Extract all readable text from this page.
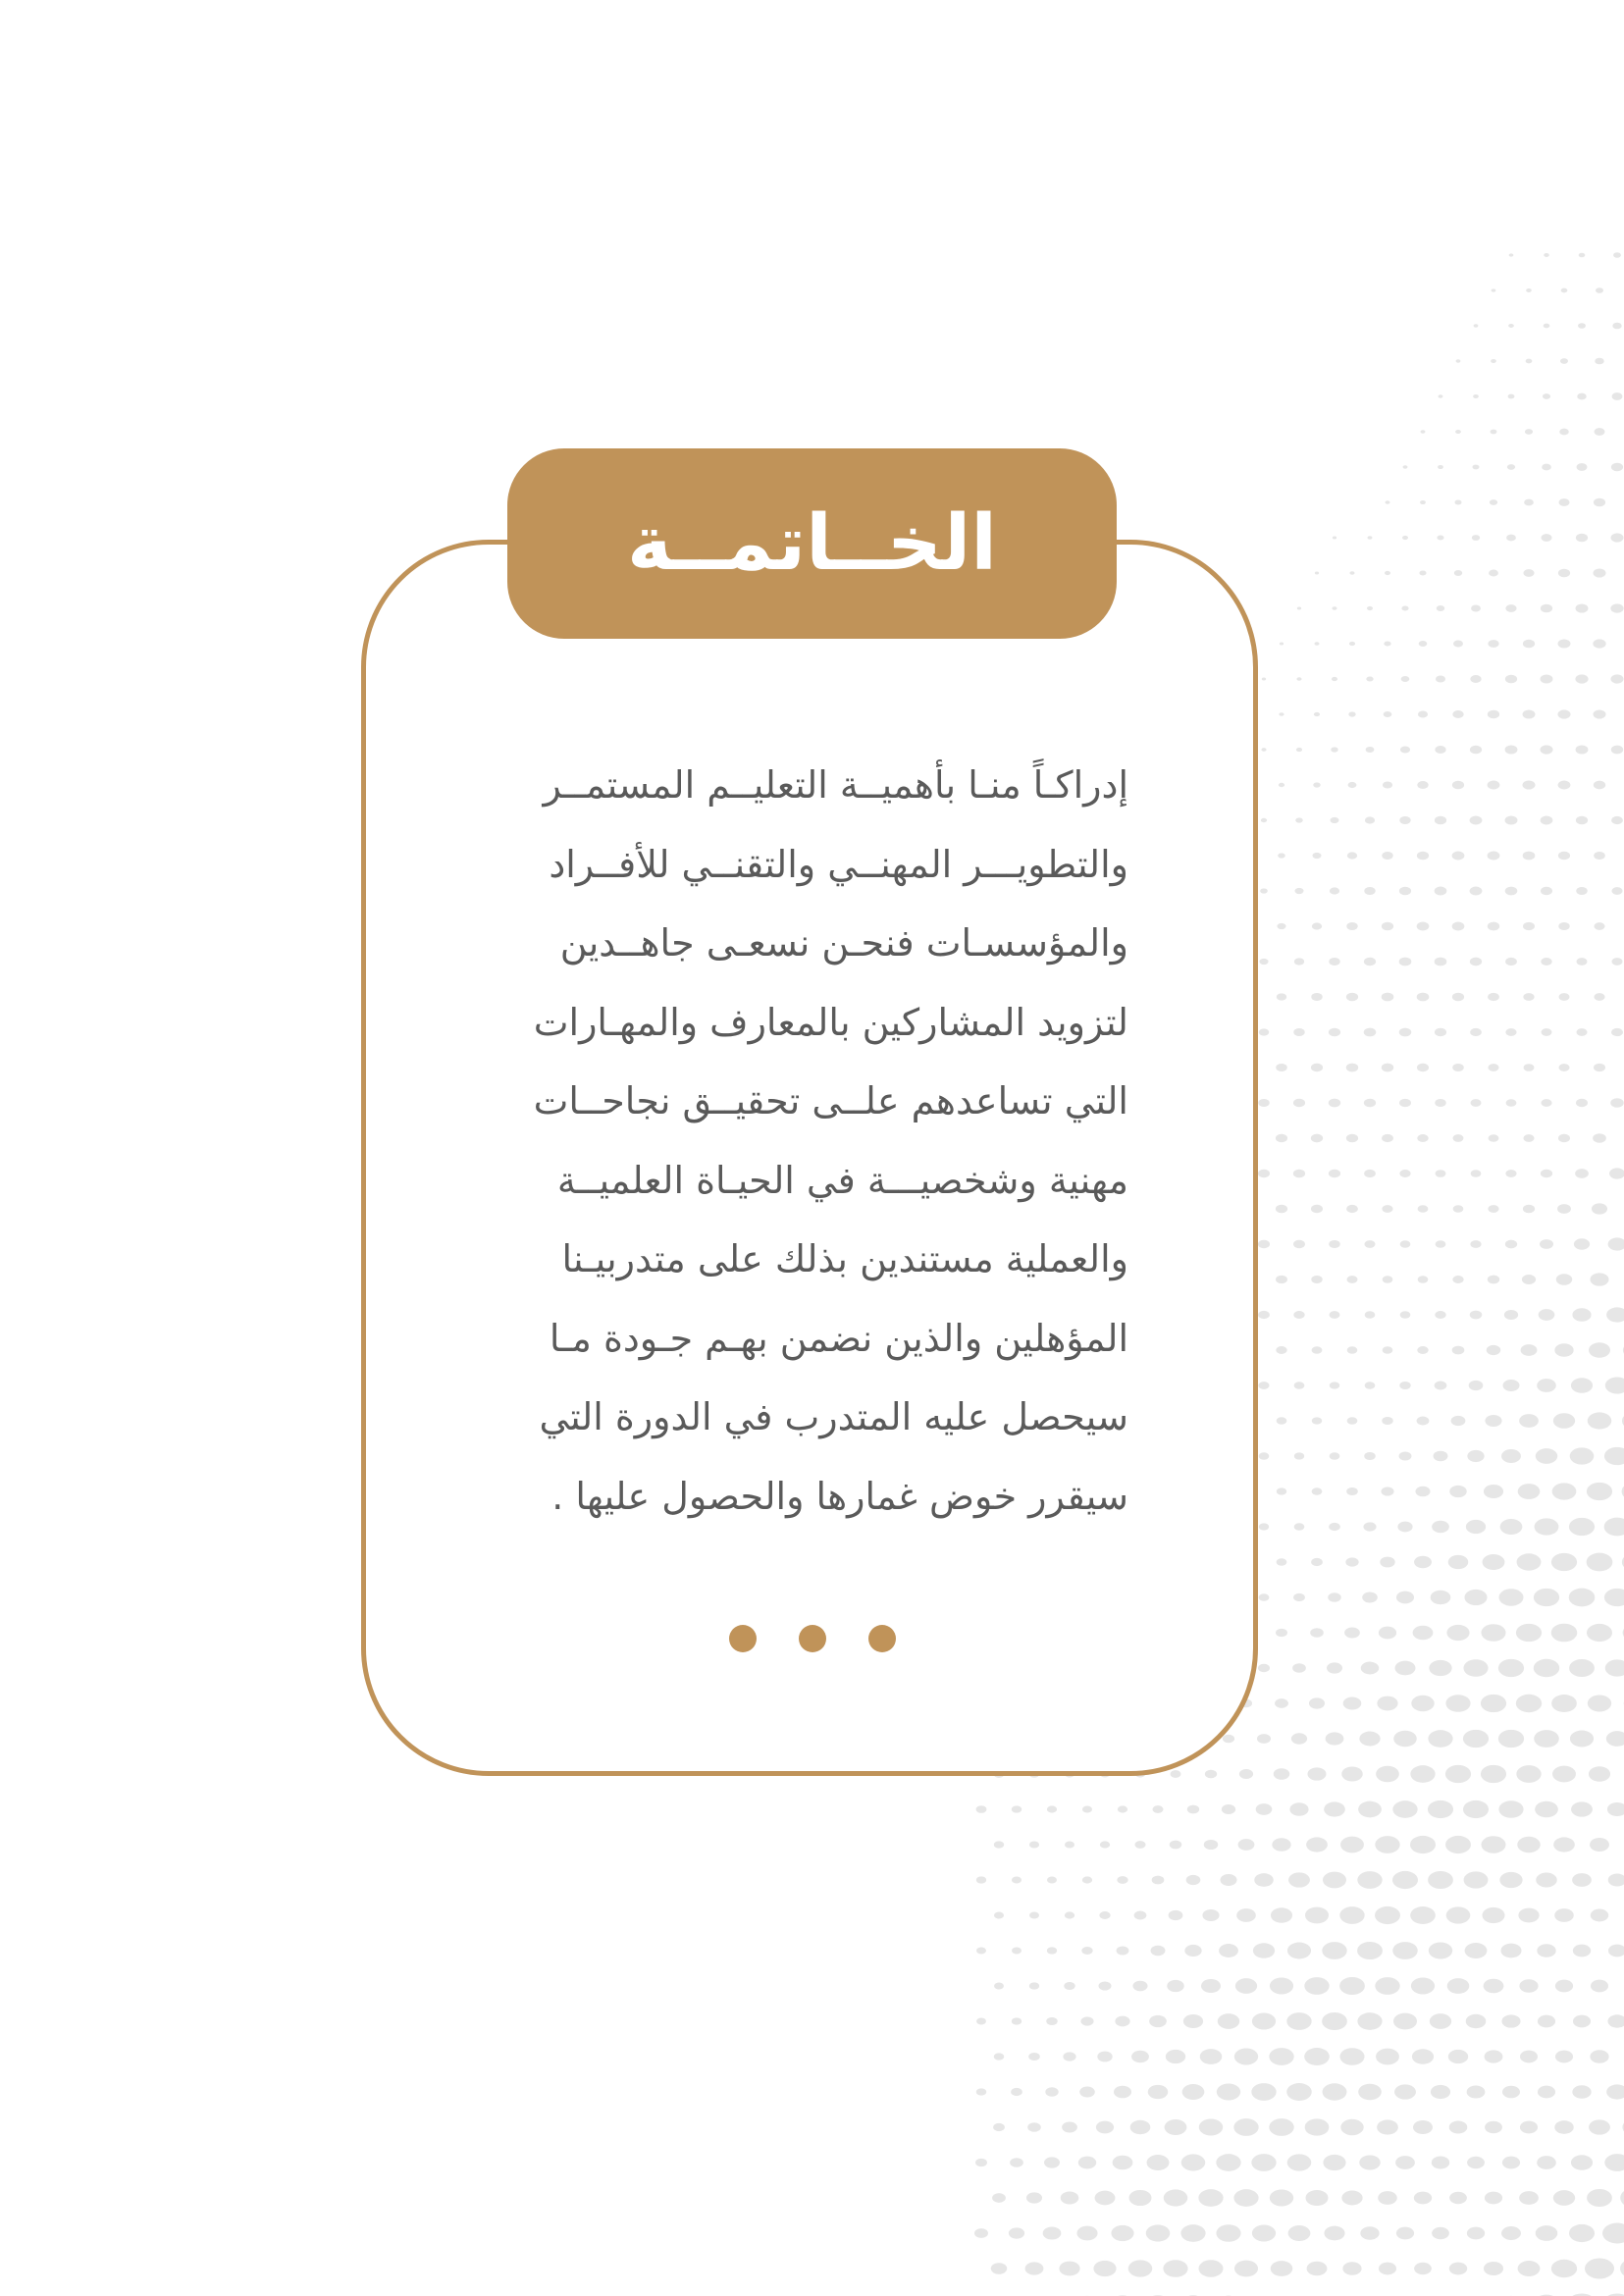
الخــاتمــة
إدراكـاً منـا بأهميــة التعليــم المستمــر
والتطويـــر المهنــي والتقنــي للأفــراد
والمؤسسـات فنحـن نسعـى جاهــدين
لتزويد المشاركين بالمعارف والمهـارات
التي تساعدهم علــى تحقيــق نجاحــات
مهنية وشخصيـــة في الحيـاة العلميــة
والعملية مستندين بذلك على متدربيـنا
المؤهلين والذين نضمن بهـم جـودة مـا
سيحصل عليه المتدرب في الدورة التي
سيقرر خوض غمارها والحصول عليها .
